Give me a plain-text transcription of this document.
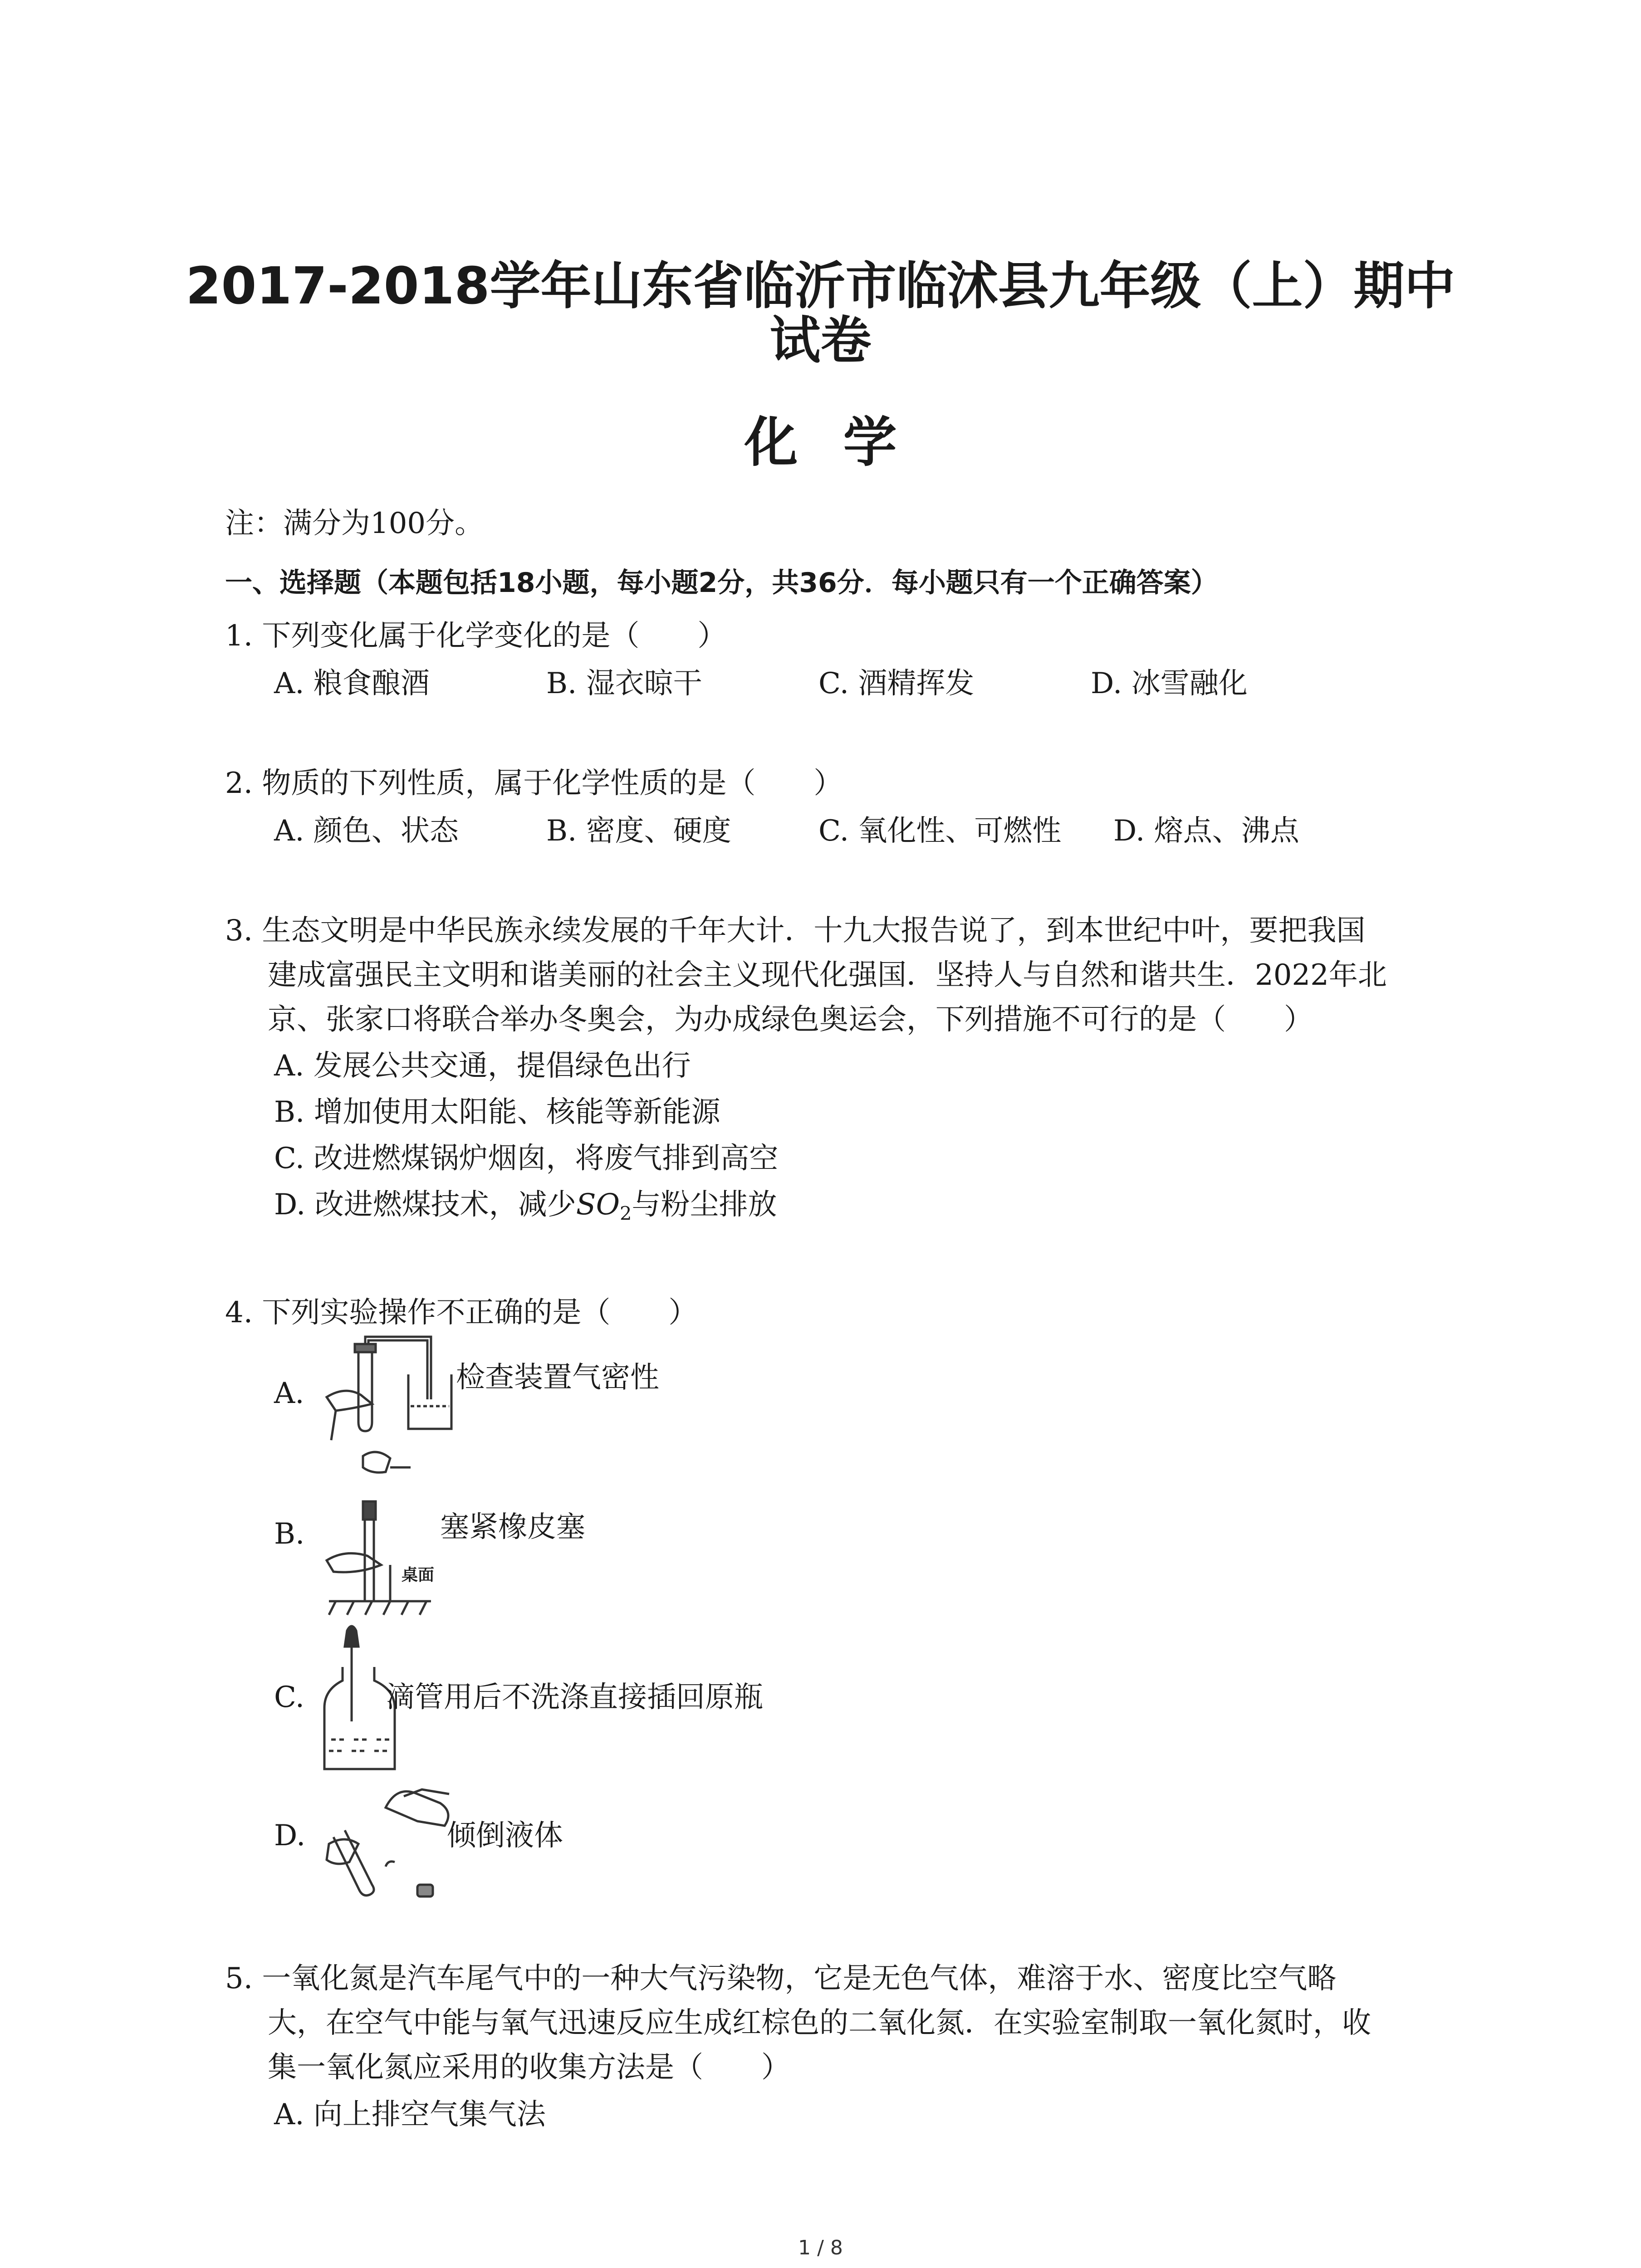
2017-2018学年山东省临沂市临沭县九年级（上）期中
试卷
化学
注：满分为100分。
一、选择题（本题包括18小题，每小题2分，共36分．每小题只有一个正确答案）
1. 下列变化属于化学变化的是（　　）
A. 粮食酿酒	B. 湿衣晾干	C. 酒精挥发	D. 冰雪融化
2. 物质的下列性质，属于化学性质的是（　　）
A. 颜色、状态	B. 密度、硬度	C. 氧化性、可燃性 D. 熔点、沸点
3. 生态文明是中华民族永续发展的千年大计．十九大报告说了，到本世纪中叶，要把我国
建成富强民主文明和谐美丽的社会主义现代化强国．坚持人与自然和谐共生．2022年北
京、张家口将联合举办冬奥会，为办成绿色奥运会，下列措施不可行的是（　　）
A. 发展公共交通，提倡绿色出行
B. 增加使用太阳能、核能等新能源
C. 改进燃煤锅炉烟囱，将废气排到高空
D. 改进燃煤技术，减少$SO_2$与粉尘排放
4. 下列实验操作不正确的是（　　）
A.	检查装置气密性
B.
桌面
塞紧橡皮塞
C.	滴管用后不洗涤直接插回原瓶
D.	倾倒液体
5. 一氧化氮是汽车尾气中的一种大气污染物，它是无色气体，难溶于水、密度比空气略
大，在空气中能与氧气迅速反应生成红棕色的二氧化氮．在实验室制取一氧化氮时，收
集一氧化氮应采用的收集方法是（　　）
A. 向上排空气集气法
1 / 8
